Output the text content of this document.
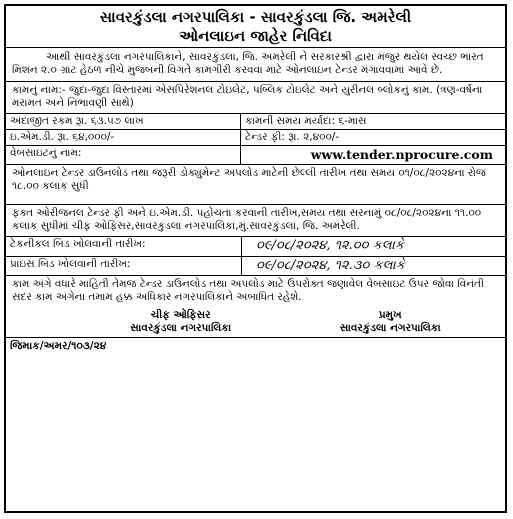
સાવરકુંડલા નગરપાલિકા - સાવરકુંડલા જિ. અમરેલી
ઓનલાઇન જાહેર નિવિદા
આથી સાવરકુંડલા નગરપાલિકાને, સાવરકુંડલા, જિ. અમરેલી ને સરકારશ્રી દ્વારા મંજુર થયેલ સ્વચ્છ ભારત મિશન ૨.૦ ગ્રાંટ હેઠળ નીચે મુજબની વિગતે કામગીરી કરવવા માટે ઓનલાઇન ટેન્ડર મંગાવવામાં આવે છે.
કામનું નામ:- જુદા-જુદા વિસ્તારમાં એસપિરેશનલ ટોઇલેટ, પબ્લિક ટોઇલેટ અને યુરીનલ બ્લોકનું કામ. (ત્રણ-વર્ષના મરામત અને નિભાવણી સાથે)
અંદાજીત રકમ રૂા. ૬૩.૫૭ લાખ	કામની સમય મર્યાદા: ૬-માસ
ઇ.એમ.ડી. રૂા. ૬૪,૦૦૦/-	ટેન્ડર ફી: રૂા. ૨,૪૦૦/-
વેબસાઇટનું નામ:	www.tender.nprocure.com
ઓનલાઇન ટેન્ડર ડાઉનલોડ તથા જરૂરી ડોક્યુમેન્ટ અપલોડ માટેની છેલ્લી તારીખ તથા સમય ૦૧/૦૮/૨૦૨૪ના રોજ ૧૮.૦૦ કલાક સુધી
ફક્ત ઓરીજનલ ટેન્ડર ફી અને ઇ.એમ.ડી. પહોંચતા કરવાની તારીખ,સમય તથા સરનામું ૦૮/૦૮/૨૦૨૪ના ૧૧.૦૦ કલાક સુધીમાં ચીફ ઓફિસર,સાવરકુંડલા નગરપાલિકા,મું.સાવરકુંડલા, જિ. અમરેલી.
ટેકનીકલ બિડ ખોલવાની તારીખ:	૦૯/૦૮/૨૦૨૪, ૧૨.૦૦ કલાકે
પ્રાઇસ બિડ ખોલવાની તારીખ:	૦૯/૦૮/૨૦૨૪, ૧૨.૩૦ કલાકે
કામ અંગે વધારે માહિતી તેમજ ટેન્ડર ડાઉનલોડ તથા અપલોડ માટે ઉપરોક્ત જણાવેલ વેબસાઇટ ઉપર જોવા વિનંતી સદર કામ અંગેના તમામ હક્ક અધિકાર નગરપાલિકાને અબાધિત રહેશે.
ચીફ ઓફિસર
સાવરકુંડલા નગરપાલિકા
પ્રમુખ
સાવરકુંડલા નગરપાલિકા
જિમાક/અમર/૧૦૩/૨૪
